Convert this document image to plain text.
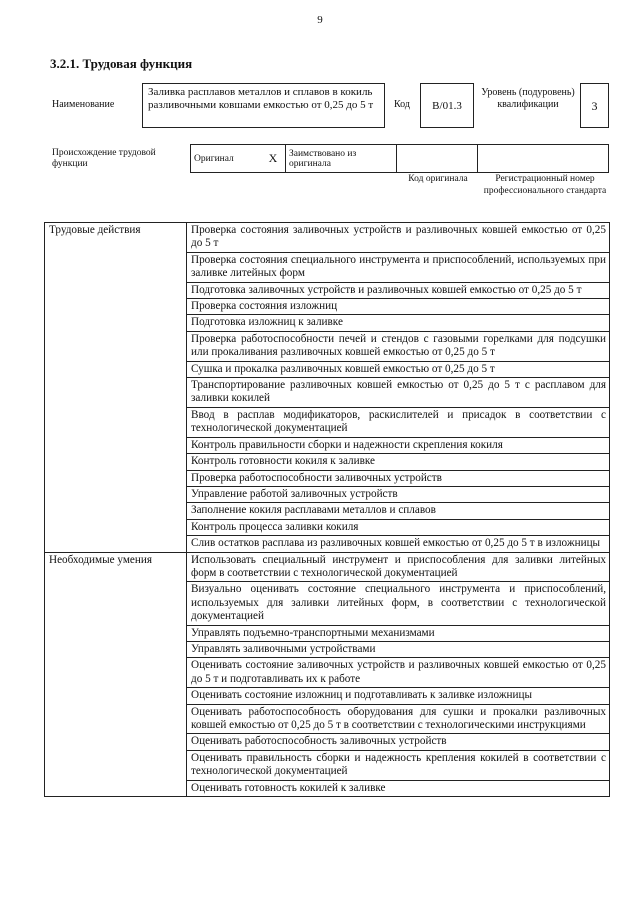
9
3.2.1. Трудовая функция
Наименование
Заливка расплавов металлов и сплавов в кокиль разливочными ковшами емкостью от 0,25 до 5 т	Код	В/01.3
Уровень (подуровень) квалификации	3
Происхождение трудовой функции
Оригинал	X	Заимствовано из оригинала		
Код оригинала	Регистрационный номер профессионального стандарта
Трудовые действия	Проверка состояния заливочных устройств и разливочных ковшей емкостью от 0,25 до 5 т
	Проверка состояния специального инструмента и приспособлений, используемых при заливке литейных форм
	Подготовка заливочных устройств и разливочных ковшей емкостью от 0,25 до 5 т
	Проверка состояния изложниц
	Подготовка изложниц к заливке
	Проверка работоспособности печей и стендов с газовыми горелками для подсушки или прокаливания разливочных ковшей емкостью от 0,25 до 5 т
	Сушка и прокалка разливочных ковшей емкостью от 0,25 до 5 т
	Транспортирование разливочных ковшей емкостью от 0,25 до 5 т с расплавом для заливки кокилей
	Ввод в расплав модификаторов, раскислителей и присадок в соответствии с технологической документацией
	Контроль правильности сборки и надежности скрепления кокиля
	Контроль готовности кокиля к заливке
	Проверка работоспособности заливочных устройств
	Управление работой заливочных устройств
	Заполнение кокиля расплавами металлов и сплавов
	Контроль процесса заливки кокиля
	Слив остатков расплава из разливочных ковшей емкостью от 0,25 до 5 т в изложницы
Необходимые умения	Использовать специальный инструмент и приспособления для заливки литейных форм в соответствии с технологической документацией
	Визуально оценивать состояние специального инструмента и приспособлений, используемых для заливки литейных форм, в соответствии с технологической документацией
	Управлять подъемно-транспортными механизмами
	Управлять заливочными устройствами
	Оценивать состояние заливочных устройств и разливочных ковшей емкостью от 0,25 до 5 т и подготавливать их к работе
	Оценивать состояние изложниц и подготавливать к заливке изложницы
	Оценивать работоспособность оборудования для сушки и прокалки разливочных ковшей емкостью от 0,25 до 5 т в соответствии с технологическими инструкциями
	Оценивать работоспособность заливочных устройств
	Оценивать правильность сборки и надежность крепления кокилей в соответствии с технологической документацией
	Оценивать готовность кокилей к заливке
